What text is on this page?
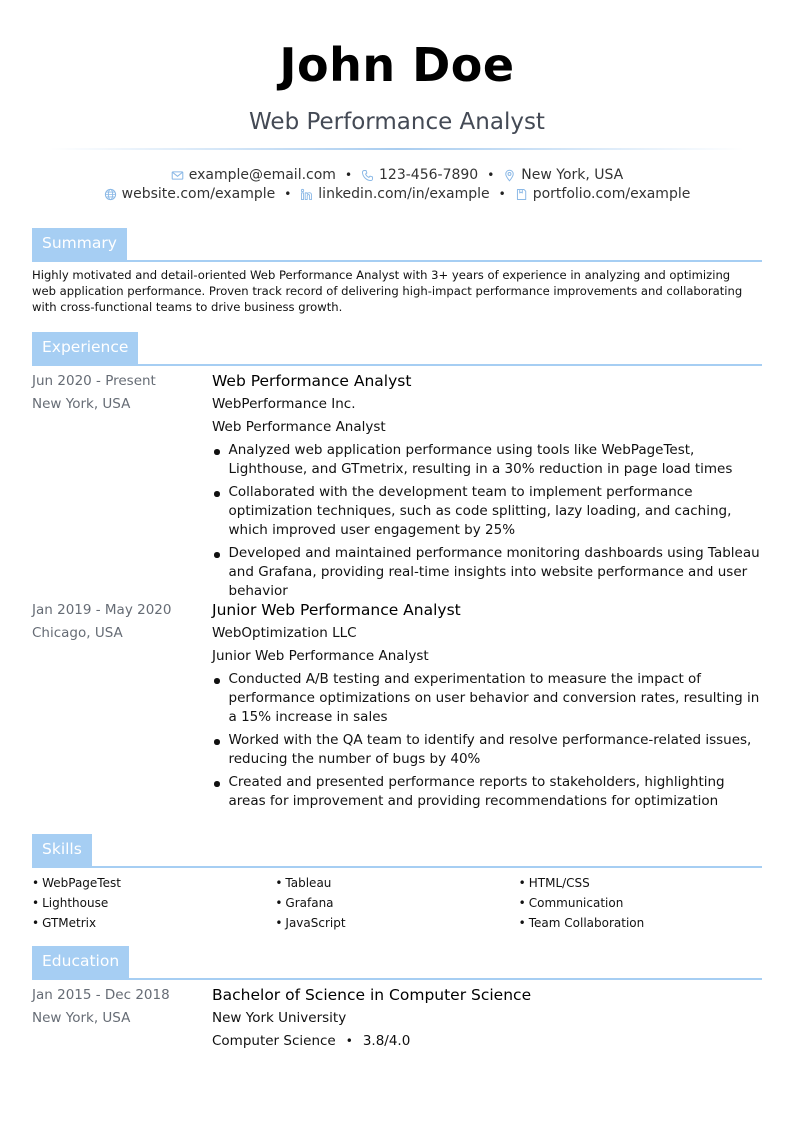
John Doe
Web Performance Analyst
example@email.com • 123-456-7890 • New York, USA
website.com/example • linkedin.com/in/example • portfolio.com/example
Summary
Highly motivated and detail-oriented Web Performance Analyst with 3+ years of experience in analyzing and optimizing web application performance. Proven track record of delivering high-impact performance improvements and collaborating with cross-functional teams to drive business growth.
Experience
Jun 2020 - Present
New York, USA
Web Performance Analyst
WebPerformance Inc.
Web Performance Analyst
Analyzed web application performance using tools like WebPageTest, Lighthouse, and GTmetrix, resulting in a 30% reduction in page load times
Collaborated with the development team to implement performance optimization techniques, such as code splitting, lazy loading, and caching, which improved user engagement by 25%
Developed and maintained performance monitoring dashboards using Tableau and Grafana, providing real-time insights into website performance and user behavior
Jan 2019 - May 2020
Chicago, USA
Junior Web Performance Analyst
WebOptimization LLC
Junior Web Performance Analyst
Conducted A/B testing and experimentation to measure the impact of performance optimizations on user behavior and conversion rates, resulting in a 15% increase in sales
Worked with the QA team to identify and resolve performance-related issues, reducing the number of bugs by 40%
Created and presented performance reports to stakeholders, highlighting areas for improvement and providing recommendations for optimization
Skills
• WebPageTest
• Lighthouse
• GTMetrix
• Tableau
• Grafana
• JavaScript
• HTML/CSS
• Communication
• Team Collaboration
Education
Jan 2015 - Dec 2018
New York, USA
Bachelor of Science in Computer Science
New York University
Computer Science • 3.8/4.0
